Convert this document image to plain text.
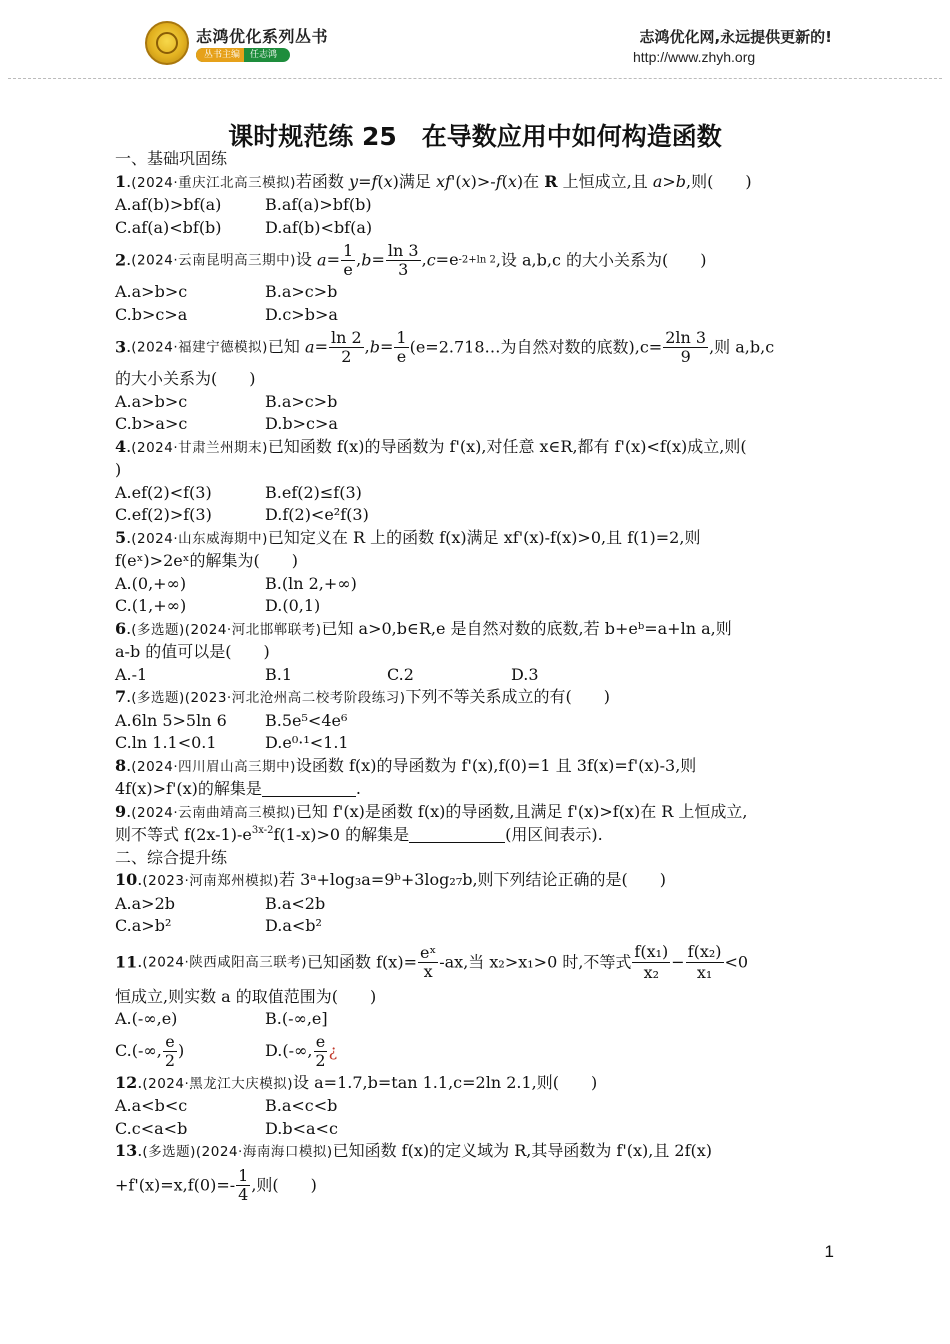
志鸿优化系列丛书
丛书主编 任志鸿
志鸿优化网,永远提供更新的!
http://www.zhyh.org
课时规范练 25　在导数应用中如何构造函数
一、基础巩固练
1.(2024·重庆江北高三模拟)若函数 y=f(x)满足 xf'(x)>-f(x)在 R 上恒成立,且 a>b,则(　　)
A.af(b)>bf(a)	B.af(a)>bf(b)
C.af(a)<bf(b)	D.af(b)<bf(a)
2.(2024·云南昆明高三期中)设 $a= \frac{1}{e} ,b= \frac{\ln 3}{3} ,c=e-2+\ln$ 2,设 a,b,c 的大小关系为(　　)
A.a>b>c	B.a>c>b
C.b>c>a	D.c>b>a
3.(2024·福建宁德模拟)已知 $a= \frac{\ln 2}{2} ,b= \frac{1}{e}$ (e=2.718…为自然对数的底数)$,c= \frac{2\ln 3}{9}$ ,则 a,b,c
的大小关系为(　　)
A.a>b>c	B.a>c>b
C.b>a>c	D.b>c>a
4.(2024·甘肃兰州期末)已知函数 f(x)的导函数为 f'(x),对任意 x∈R,都有 f'(x)<f(x)成立,则(
)
A.ef(2)<f(3)	B.ef(2)≤f(3)
C.ef(2)>f(3)	D.f(2)<e²f(3)
5.(2024·山东威海期中)已知定义在 R 上的函数 f(x)满足 xf'(x)-f(x)>0,且 f(1)=2,则
f(eˣ)>2eˣ的解集为(　　)
A.(0,+∞)	B.(ln 2,+∞)
C.(1,+∞)	D.(0,1)
6.(多选题)(2024·河北邯郸联考)已知 a>0,b∈R,e 是自然对数的底数,若 b+eᵇ=a+ln a,则
a-b 的值可以是(　　)
A.-1	B.1	C.2	D.3
7.(多选题)(2023·河北沧州高二校考阶段练习)下列不等关系成立的有(　　)
A.6ln 5>5ln 6	B.5e⁵<4e⁶
C.ln 1.1<0.1	D.e⁰·¹<1.1
8.(2024·四川眉山高三期中)设函数 f(x)的导函数为 f'(x),f(0)=1 且 3f(x)=f'(x)-3,则
4f(x)>f'(x)的解集是	.
9.(2024·云南曲靖高三模拟)已知 f'(x)是函数 f(x)的导函数,且满足 f'(x)>f(x)在 R 上恒成立,
则不等式 $f(2x-1)-e^{3x-2}f(1-x)>0$ 的解集是	(用区间表示).
二、综合提升练
10.(2023·河南郑州模拟)若 3ᵃ+log₃a=9ᵇ+3log₂₇b,则下列结论正确的是(　　)
A.a>2b	B.a<2b
C.a>b²	D.a<b²
11.(2024·陕西咸阳高三联考)已知函数 $f(x)= \frac{\text{eˣ}}{x} -ax$,当 x₂>x₁>0 时,不等式 $\frac{\text{f(x₁)}}{\text{x₂}} - \frac{\text{f(x₂)}}{\text{x₁}} <0$
恒成立,则实数 a 的取值范围为(　　)
A.(-∞,e)	B.(-∞,e]
C.(-∞, $\frac{e}{2}$ )	D.(-∞, $\frac{e}{2}$ ¿
12.(2024·黑龙江大庆模拟)设 a=1.7,b=tan 1.1,c=2ln 2.1,则(　　)
A.a<b<c	B.a<c<b
C.c<a<b	D.b<a<c
13.(多选题)(2024·海南海口模拟)已知函数 f(x)的定义域为 R,其导函数为 f'(x),且 2f(x)
$+f'(x)=x,f(0)=- \frac{1}{4}$ ,则(　　)
1
